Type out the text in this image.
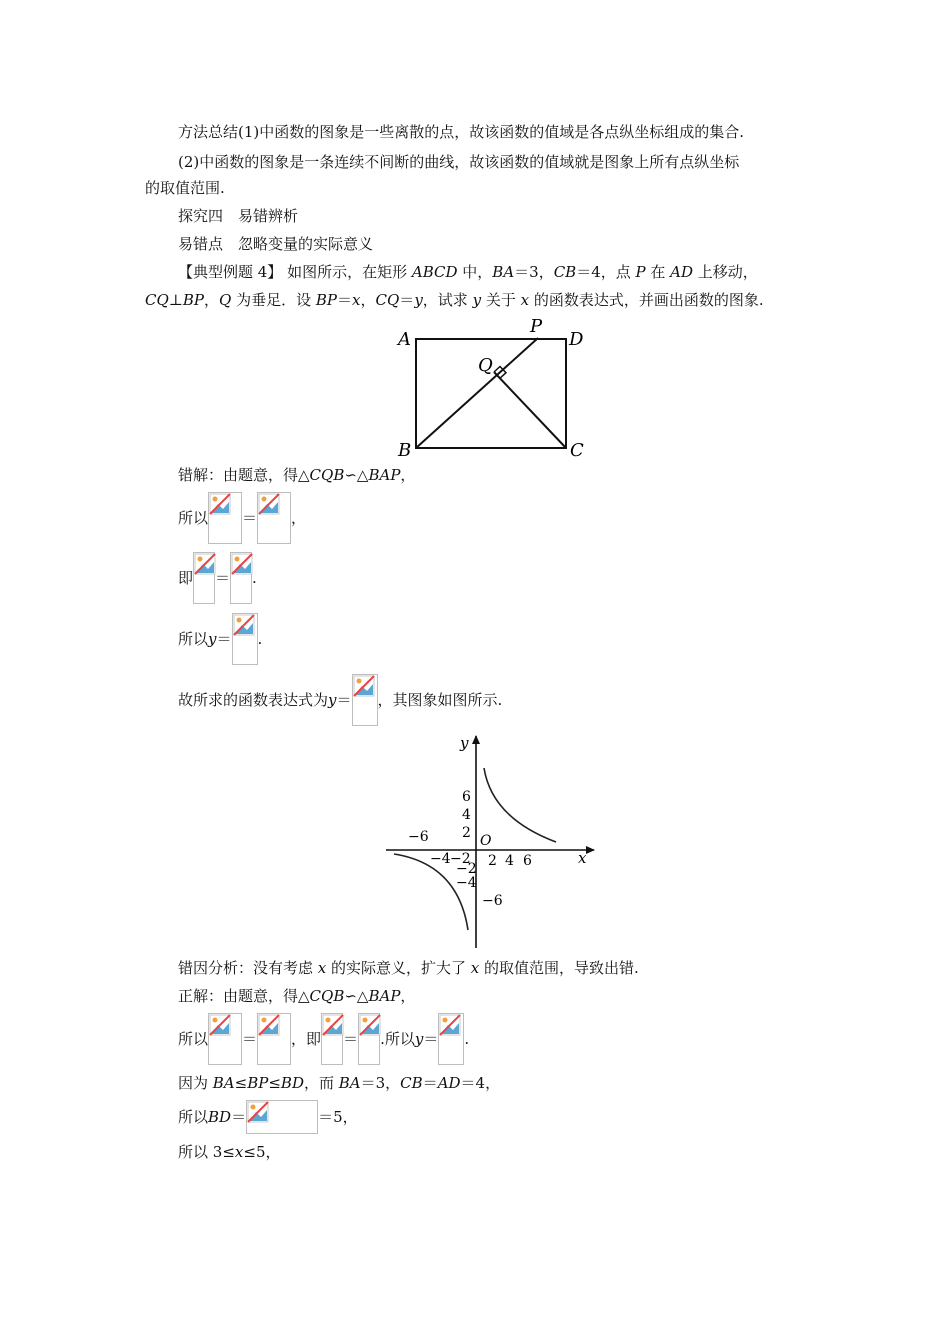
方法总结(1)中函数的图象是一些离散的点，故该函数的值域是各点纵坐标组成的集合.
(2)中函数的图象是一条连续不间断的曲线，故该函数的值域就是图象上所有点纵坐标
的取值范围.
探究四　易错辨析
易错点　忽略变量的实际意义
【典型例题 4】 如图所示，在矩形 ABCD 中，BA＝3，CB＝4，点 P 在 AD 上移动，
CQ⊥BP，Q 为垂足．设 BP＝x，CQ＝y，试求 y 关于 x 的函数表达式，并画出函数的图象.
A
B	C
D
P
Q
错解：由题意，得△CQB∽△BAP，
所以 ＝ ，
即 ＝ .
所以 y ＝ .
故所求的函数表达式为 y ＝ ，其图象如图所示.
x
y
O
6
4
2
−2
−4
−6
2 4 6
−6
−4 −2
错因分析：没有考虑 x 的实际意义，扩大了 x 的取值范围，导致出错.
正解：由题意，得△CQB∽△BAP，
所以 ＝ ，即 ＝ .所以 y ＝ .
因为 BA≤BP≤BD，而 BA＝3，CB＝AD＝4，
所以 BD ＝	＝5，
所以 3≤x≤5，
